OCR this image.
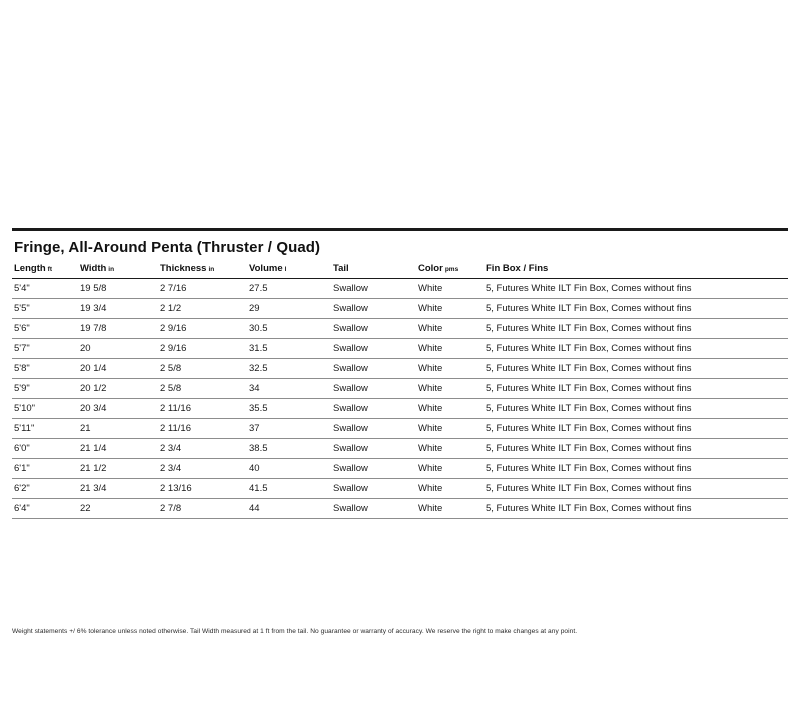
Fringe, All-Around Penta (Thruster / Quad)
Length ft	Width in	Thickness in	Volume l	Tail	Color pms	Fin Box / Fins
5'4"	19 5/8	2 7/16	27.5	Swallow	White	5, Futures White ILT Fin Box, Comes without fins
5'5"	19 3/4	2 1/2	29	Swallow	White	5, Futures White ILT Fin Box, Comes without fins
5'6"	19 7/8	2 9/16	30.5	Swallow	White	5, Futures White ILT Fin Box, Comes without fins
5'7"	20	2 9/16	31.5	Swallow	White	5, Futures White ILT Fin Box, Comes without fins
5'8"	20 1/4	2 5/8	32.5	Swallow	White	5, Futures White ILT Fin Box, Comes without fins
5'9"	20 1/2	2 5/8	34	Swallow	White	5, Futures White ILT Fin Box, Comes without fins
5'10"	20 3/4	2 11/16	35.5	Swallow	White	5, Futures White ILT Fin Box, Comes without fins
5'11"	21	2 11/16	37	Swallow	White	5, Futures White ILT Fin Box, Comes without fins
6'0"	21 1/4	2 3/4	38.5	Swallow	White	5, Futures White ILT Fin Box, Comes without fins
6'1"	21 1/2	2 3/4	40	Swallow	White	5, Futures White ILT Fin Box, Comes without fins
6'2"	21 3/4	2 13/16	41.5	Swallow	White	5, Futures White ILT Fin Box, Comes without fins
6'4"	22	2 7/8	44	Swallow	White	5, Futures White ILT Fin Box, Comes without fins
Weight statements +/ 6% tolerance unless noted otherwise. Tail Width measured at 1 ft from the tail. No guarantee or warranty of accuracy. We reserve the right to make changes at any point.
